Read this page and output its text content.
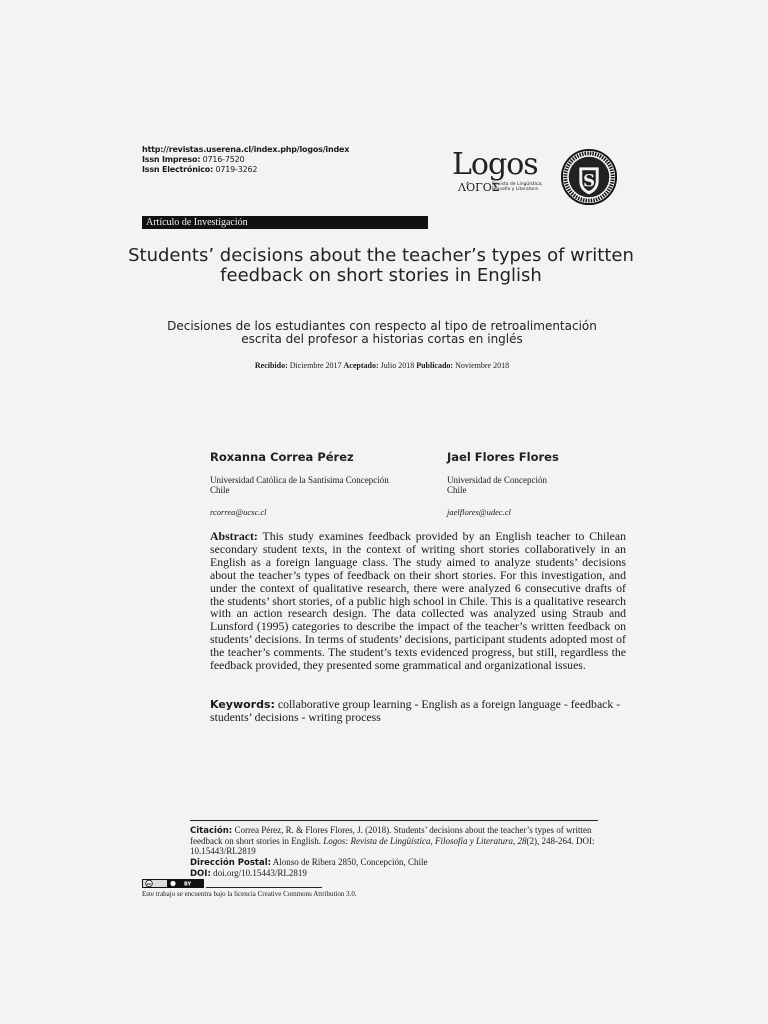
http://revistas.userena.cl/index.php/logos/index
Issn Impreso: 0716-7520
Issn Electrónico: 0719-3262	Logos
ΛΌΓΟΣ
Revista de Lingüística,
Filosofía y Literatura	S
Artículo de Investigación
Students’ decisions about the teacher’s types of written
feedback on short stories in English
Decisiones de los estudiantes con respecto al tipo de retroalimentación
escrita del profesor a historias cortas en inglés
Recibido: Diciembre 2017 Aceptado: Julio 2018 Publicado: Noviembre 2018
Roxanna Correa Pérez
Universidad Católica de la Santísima Concepción
Chile
rcorrea@ucsc.cl
Jael Flores Flores
Universidad de Concepción
Chile
jaelflores@udec.cl
Abstract: This study examines feedback provided by an English teacher to Chilean secondary student texts, in the context of writing short stories collaboratively in an English as a foreign language class. The study aimed to analyze students’ decisions about the teacher’s types of feedback on their short stories. For this investigation, and under the context of qualitative research, there were analyzed 6 consecutive drafts of the students’ short stories, of a public high school in Chile. This is a qualitative research with an action research design. The data collected was analyzed using Straub and Lunsford (1995) categories to describe the impact of the teacher’s written feedback on students’ decisions. In terms of students’ decisions, participant students adopted most of the teacher’s comments. The student’s texts evidenced progress, but still, regardless the feedback provided, they presented some grammatical and organizational issues.
Keywords: collaborative group learning - English as a foreign language - feedback - students’ decisions - writing process
Citación: Correa Pérez, R. & Flores Flores, J. (2018). Students’ decisions about the teacher’s types of written feedback on short stories in English. Logos: Revista de Lingüística, Filosofía y Literatura, 28(2), 248-264. DOI: 10.15443/RL2819
Dirección Postal: Alonso de Ribera 2850, Concepción, Chile
DOI: doi.org/10.15443/RL2819
cc	BY
Este trabajo se encuentra bajo la licencia Creative Commons Attribution 3.0.
